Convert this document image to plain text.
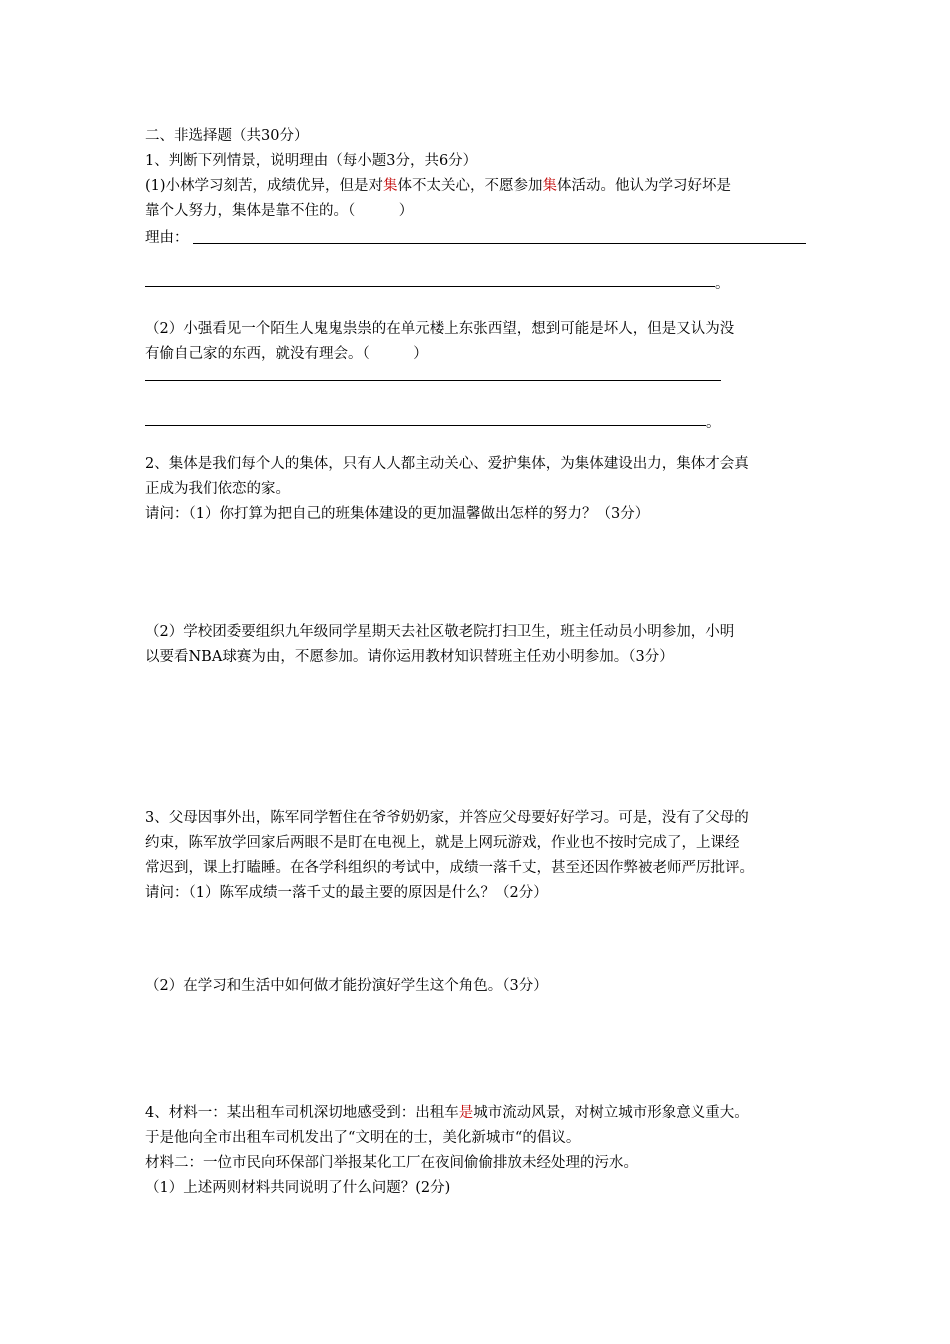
二、非选择题（共30分）
1、判断下列情景，说明理由（每小题3分，共6分）
(1)小林学习刻苦，成绩优异，但是对集体不太关心，不愿参加集体活动。他认为学习好坏是
靠个人努力，集体是靠不住的。（　　　）
理由：
。
（2）小强看见一个陌生人鬼鬼祟祟的在单元楼上东张西望，想到可能是坏人，但是又认为没
有偷自己家的东西，就没有理会。（　　　）
。
2、集体是我们每个人的集体，只有人人都主动关心、爱护集体，为集体建设出力，集体才会真
正成为我们依恋的家。
请问：（1）你打算为把自己的班集体建设的更加温馨做出怎样的努力？（3分）
（2）学校团委要组织九年级同学星期天去社区敬老院打扫卫生，班主任动员小明参加，小明
以要看NBA球赛为由，不愿参加。请你运用教材知识替班主任劝小明参加。（3分）
3、父母因事外出，陈军同学暂住在爷爷奶奶家，并答应父母要好好学习。可是，没有了父母的
约束，陈军放学回家后两眼不是盯在电视上，就是上网玩游戏，作业也不按时完成了，上课经
常迟到，课上打瞌睡。在各学科组织的考试中，成绩一落千丈，甚至还因作弊被老师严厉批评。
请问：（1）陈军成绩一落千丈的最主要的原因是什么？（2分）
（2）在学习和生活中如何做才能扮演好学生这个角色。（3分）
4、材料一：某出租车司机深切地感受到：出租车是城市流动风景，对树立城市形象意义重大。
于是他向全市出租车司机发出了“文明在的士，美化新城市“的倡议。
材料二：一位市民向环保部门举报某化工厂在夜间偷偷排放未经处理的污水。
（1）上述两则材料共同说明了什么问题？(2分)
